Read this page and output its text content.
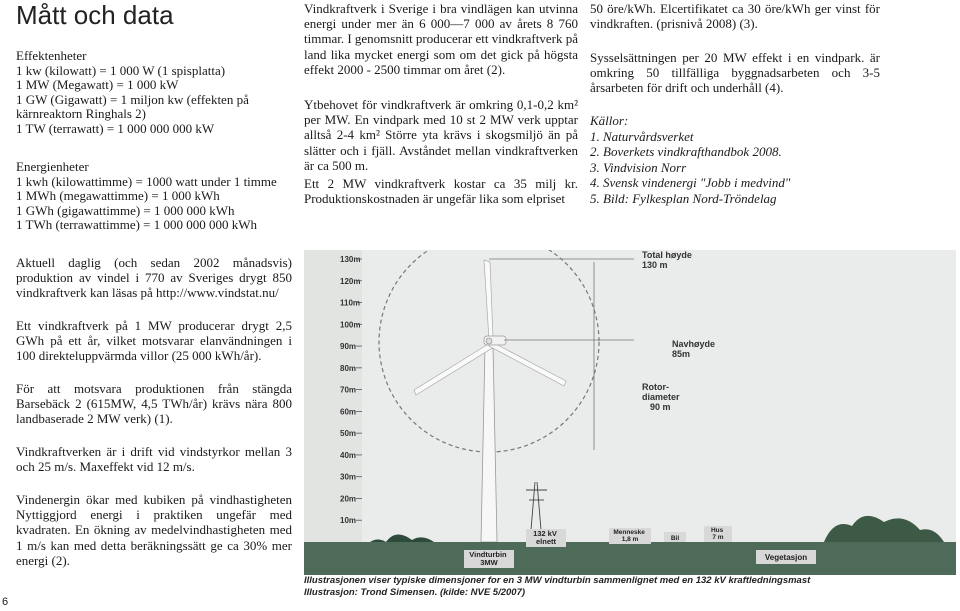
Mått och data
Effektenheter
1 kw (kilowatt) = 1 000 W (1 spisplatta)
1 MW (Megawatt) = 1 000 kW
1 GW (Gigawatt) = 1 miljon kw (effekten på
kärnreaktorn Ringhals 2)
1 TW (terrawatt) = 1 000 000 000 kW
Energienheter
1 kwh (kilowattimme) = 1000 watt under 1 timme
1 MWh (megawattimme) = 1 000 kWh
1 GWh (gigawattimme) = 1 000 000 kWh
1 TWh (terrawattimme) = 1 000 000 000 kWh
Aktuell daglig (och sedan 2002 månadsvis) produktion av vindel i 770 av Sveriges drygt 850 vindkraftverk kan läsas på http://www.vindstat.nu/
Ett vindkraftverk på 1 MW producerar drygt 2,5 GWh på ett år, vilket motsvarar elanvändningen i 100 direkteluppvärmda villor (25 000 kWh/år).
För att motsvara produktionen från stängda Barsebäck 2 (615MW, 4,5 TWh/år) krävs nära 800 landbaserade 2 MW verk) (1).
Vindkraftverken är i drift vid vindstyrkor mellan 3 och 25 m/s. Maxeffekt vid 12 m/s.
Vindenergin ökar med kubiken på vindhastigheten Nyttiggjord energi i praktiken ungefär med kvadraten. En ökning av medelvindhastigheten med 1 m/s kan med detta beräkningssätt ge ca 30% mer energi (2).
Vindkraftverk i Sverige i bra vindlägen kan utvinna energi under mer än 6 000—7 000 av årets 8 760 timmar. I genomsnitt producerar ett vindkraftverk på land lika mycket energi som om det gick på högsta effekt 2000 - 2500 timmar om året (2).
Ytbehovet för vindkraftverk är omkring 0,1-0,2 km² per MW. En vindpark med 10 st 2 MW verk upptar alltså 2-4 km² Större yta krävs i skogsmiljö än på slätter och i fjäll. Avståndet mellan vindkraftverken är ca 500 m.
Ett 2 MW vindkraftverk kostar ca 35 milj kr. Produktionskostnaden är ungefär lika som elpriset
50 öre/kWh. Elcertifikatet ca 30 öre/kWh ger vinst för vindkraften. (prisnivå 2008) (3).
Sysselsättningen per 20 MW effekt i en vindpark. är omkring 50 tillfälliga byggnadsarbeten och 3-5 årsarbeten för drift och underhåll (4).
Källor:
1. Naturvårdsverket
2. Boverkets vindkrafthandbok 2008.
3. Vindvision Norr
4. Svensk vindenergi "Jobb i medvind"
5. Bild: Fylkesplan Nord-Tröndelag
130m
120m
110m
100m
90m
80m
70m
60m
50m
40m
30m
20m
10m
Total høyde 130 m
Navhøyde 85m
Rotor- diameter 90 m
Vindturbin 3MW
132 kV elnett
Menneske 1,8 m	Bil
Hus 7 m
Vegetasjon
Illustrasjonen viser typiske dimensjoner for en 3 MW vindturbin sammenlignet med en 132 kV kraftledningsmast
Illustrasjon: Trond Simensen. (kilde: NVE 5/2007)
6
